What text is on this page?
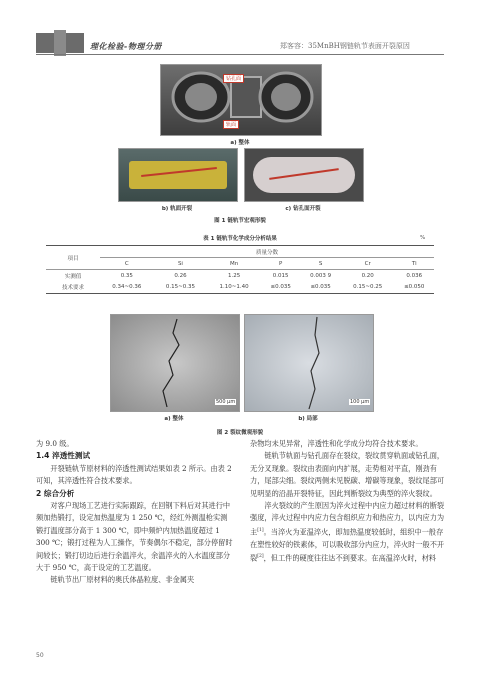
理化检验-物理分册	郑客容：35MnBH钢链轨节表面开裂原因
钻孔面
轨面
a) 整体
b) 轨面开裂	c) 钻孔面开裂
图 1 链轨节宏观形貌
表 1 链轨节化学成分分析结果	%
项目	质量分数						
	C	Si	Mn	P	S	Cr	Ti
实测值	0.35	0.26	1.25	0.015	0.003 9	0.20	0.036
技术要求	0.34~0.36	0.15~0.35	1.10~1.40	≤0.035	≤0.035	0.15~0.25	≤0.050
500 μm
a) 整体
100 μm
b) 局部
图 2 裂纹微观形貌
为 9.0 级。
1.4 淬透性测试
开裂链轨节原材料的淬透性测试结果如表 2 所示。由表 2 可知，其淬透性符合技术要求。
2 综合分析
对客户现场工艺进行实际跟踪，在回钢下料后对其进行中频加热锻打，设定加热温度为 1 250 ℃，经红外测温枪实测锻打温度部分高于 1 300 ℃，即中频炉内加热温度超过 1 300 ℃；锻打过程为人工操作，节奏偶尔不稳定，部分停留时间较长；锻打切边后进行余温淬火，余温淬火的入水温度部分大于 950 ℃，高于设定的工艺温度。
链轨节出厂原材料的奥氏体晶粒度、非金属夹
杂物均未见异常，淬透性和化学成分均符合技术要求。
链轨节轨面与钻孔面存在裂纹，裂纹贯穿轨面或钻孔面，无分叉现象。裂纹由表面向内扩展，走势相对平直，刚劲有力，尾部尖细。裂纹两侧未见脱碳、增碳等现象，裂纹尾部可见明显的沿晶开裂特征，因此判断裂纹为典型的淬火裂纹。
淬火裂纹的产生原因为淬火过程中内应力超过材料的断裂强度，淬火过程中内应力包含组织应力和热应力，以内应力为主[1]。当淬火为亚温淬火，即加热温度较低时，组织中一般存在塑性较好的铁素体，可以吸收部分内应力，淬火时一般不开裂[2]，但工件的硬度往往达不到要求。在高温淬火时，材料
50
